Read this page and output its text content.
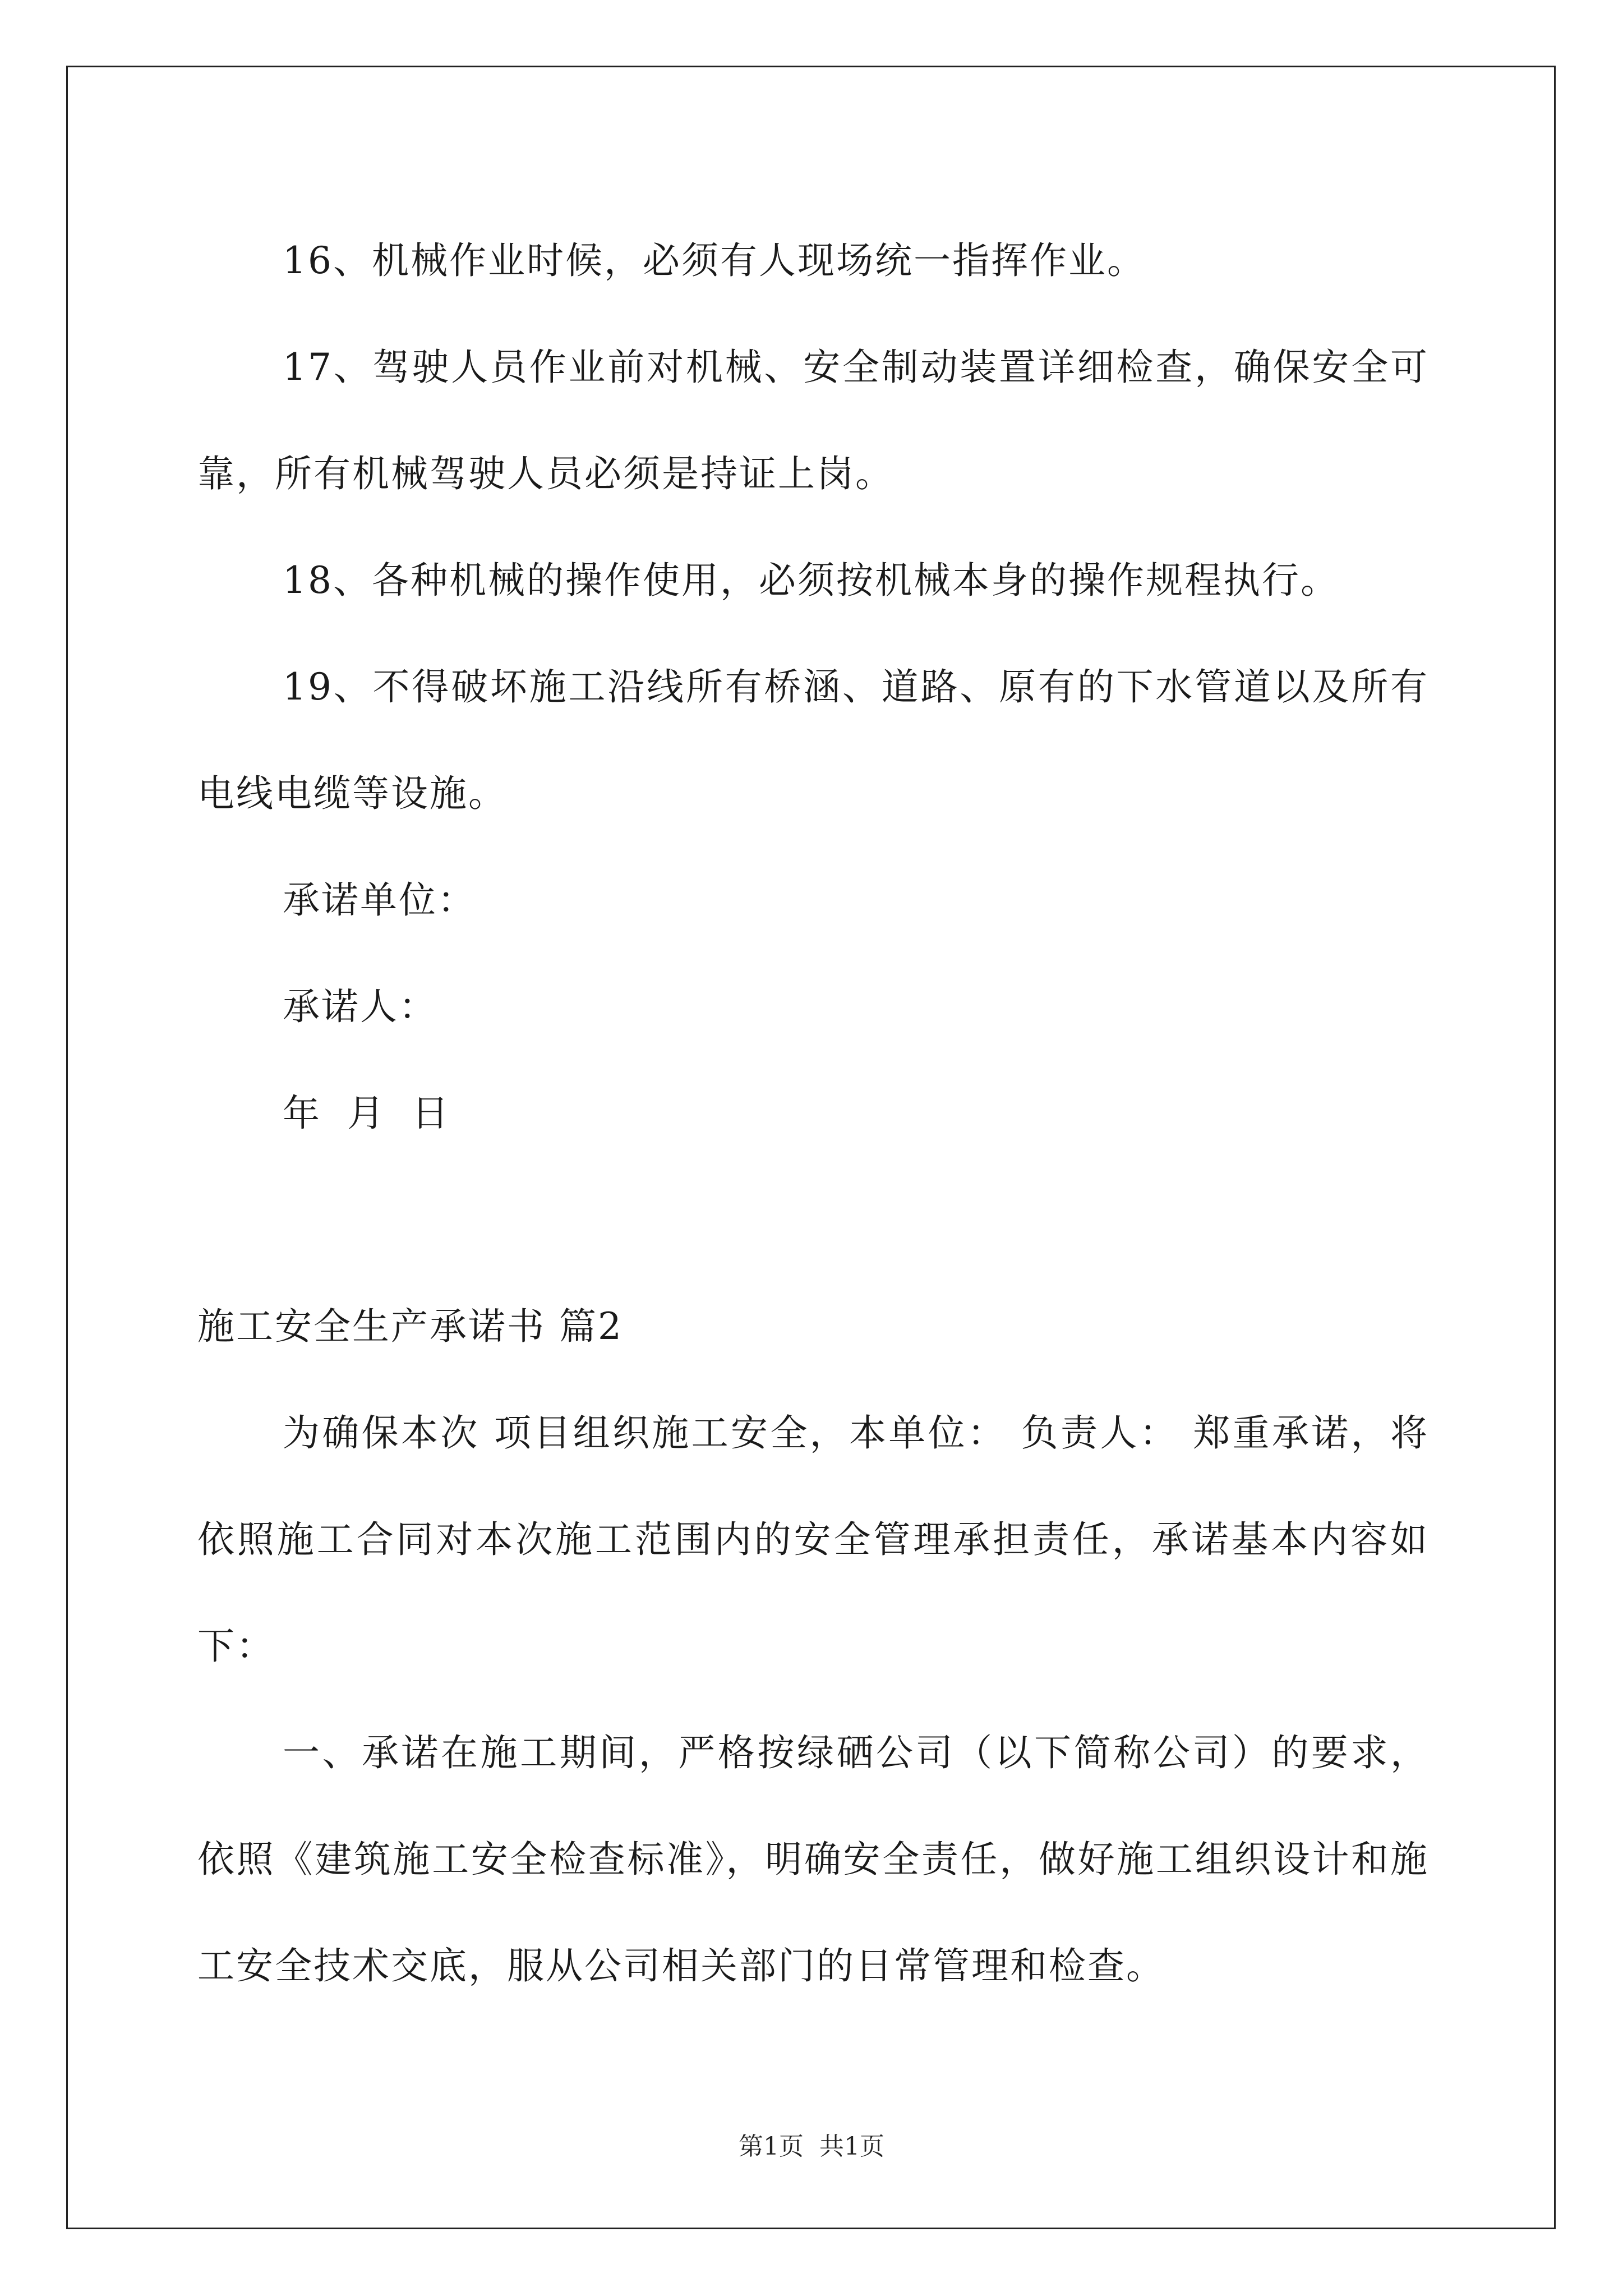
16、机械作业时候，必须有人现场统一指挥作业。

17、驾驶人员作业前对机械、安全制动装置详细检查，确保安全可靠，所有机械驾驶人员必须是持证上岗。

18、各种机械的操作使用，必须按机械本身的操作规程执行。

19、不得破坏施工沿线所有桥涵、道路、原有的下水管道以及所有电线电缆等设施。

承诺单位：

承诺人：

年 月 日

施工安全生产承诺书 篇2

为确保本次 项目组织施工安全，本单位： 负责人： 郑重承诺，将依照施工合同对本次施工范围内的安全管理承担责任，承诺基本内容如下：

一、承诺在施工期间，严格按绿硒公司（以下简称公司）的要求，依照《建筑施工安全检查标准》，明确安全责任，做好施工组织设计和施工安全技术交底，服从公司相关部门的日常管理和检查。

第1页 共1页
